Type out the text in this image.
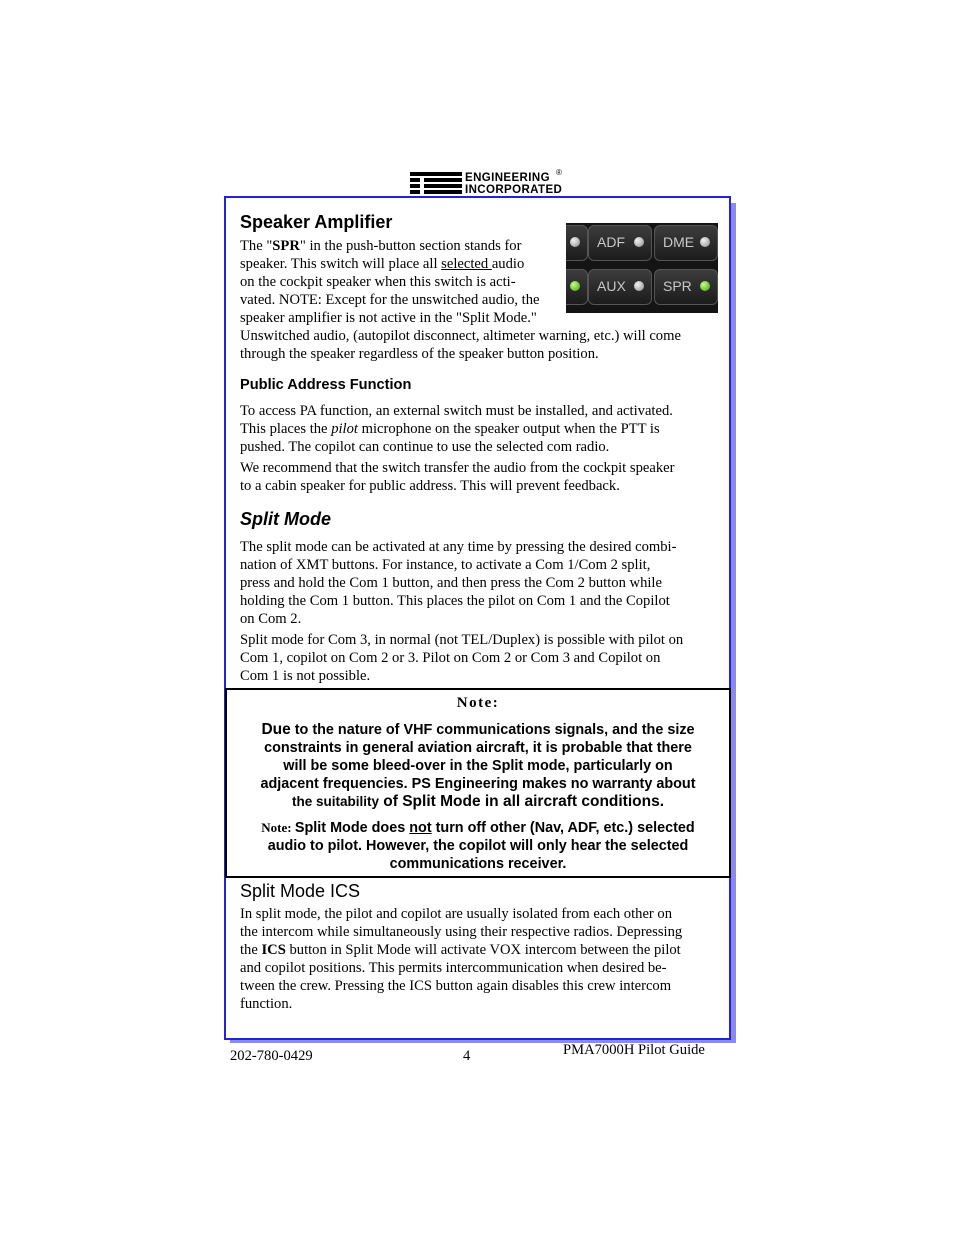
ENGINEERING
INCORPORATED
®
Speaker Amplifier
ADF	DME
AUX	SPR
The "SPR" in the push-button section stands for
speaker. This switch will place all selected audio
on the cockpit speaker when this switch is acti-
vated. NOTE: Except for the unswitched audio, the
speaker amplifier is not active in the "Split Mode."
Unswitched audio, (autopilot disconnect, altimeter warning, etc.) will come
through the speaker regardless of the speaker button position.
Public Address Function
To access PA function, an external switch must be installed, and activated.
This places the pilot microphone on the speaker output when the PTT is
pushed. The copilot can continue to use the selected com radio.
We recommend that the switch transfer the audio from the cockpit speaker
to a cabin speaker for public address. This will prevent feedback.
Split Mode
The split mode can be activated at any time by pressing the desired combi-
nation of XMT buttons. For instance, to activate a Com 1/Com 2 split,
press and hold the Com 1 button, and then press the Com 2 button while
holding the Com 1 button. This places the pilot on Com 1 and the Copilot
on Com 2.
Split mode for Com 3, in normal (not TEL/Duplex) is possible with pilot on
Com 1, copilot on Com 2 or 3. Pilot on Com 2 or Com 3 and Copilot on
Com 1 is not possible.
Note:
Due to the nature of VHF communications signals, and the size
constraints in general aviation aircraft, it is probable that there
will be some bleed-over in the Split mode, particularly on
adjacent frequencies. PS Engineering makes no warranty about
the suitability of Split Mode in all aircraft conditions.
Note: Split Mode does not turn off other (Nav, ADF, etc.) selected
audio to pilot. However, the copilot will only hear the selected
communications receiver.
Split Mode ICS
In split mode, the pilot and copilot are usually isolated from each other on
the intercom while simultaneously using their respective radios. Depressing
the ICS button in Split Mode will activate VOX intercom between the pilot
and copilot positions. This permits intercommunication when desired be-
tween the crew. Pressing the ICS button again disables this crew intercom
function.
202-780-0429	4	PMA7000H Pilot Guide
